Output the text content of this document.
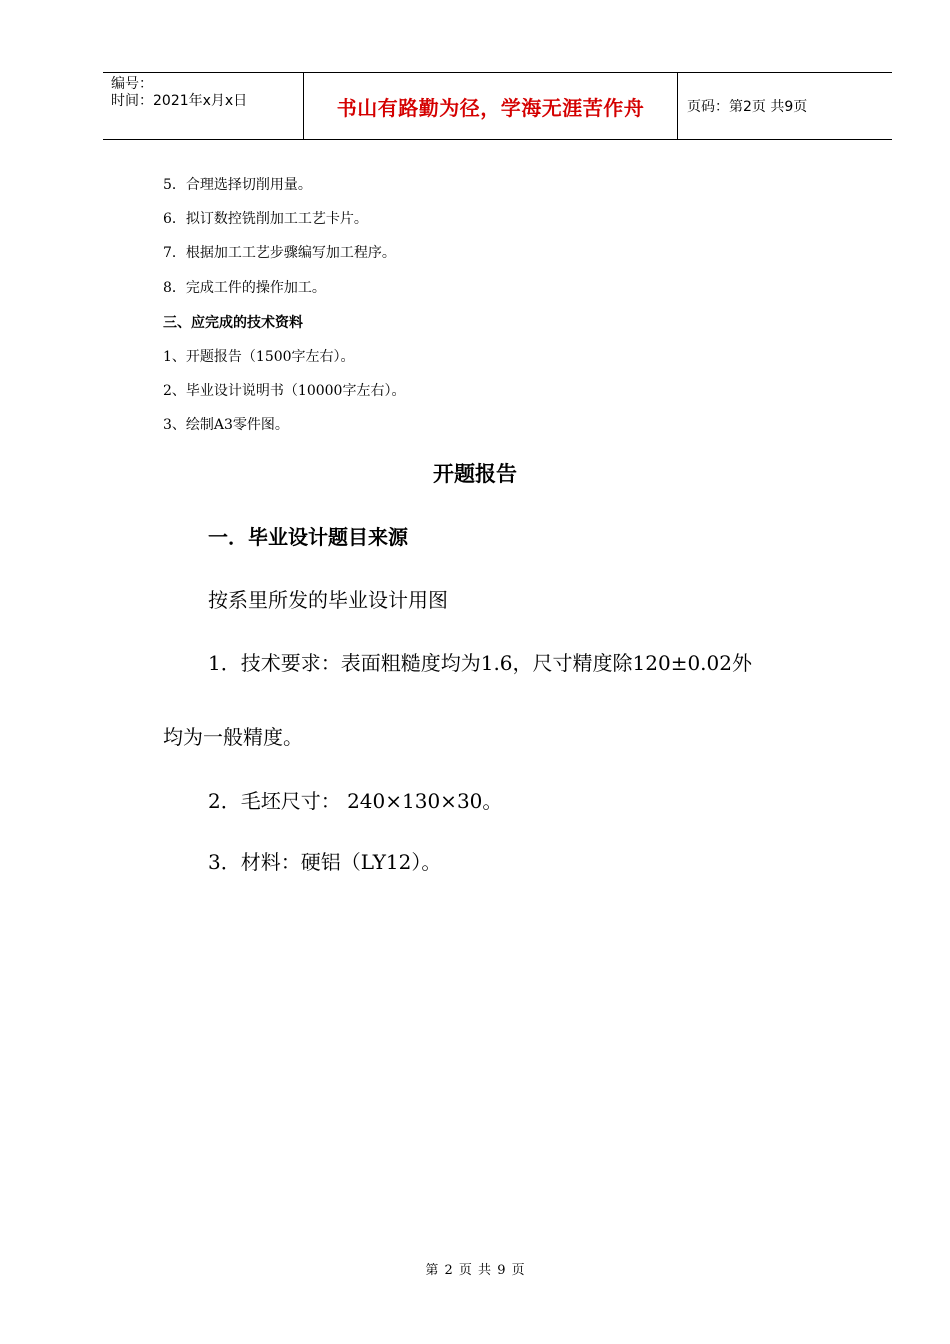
编号：
时间：2021年x月x日	书山有路勤为径，学海无涯苦作舟	页码：第2页 共9页
5．合理选择切削用量。
6．拟订数控铣削加工工艺卡片。
7．根据加工工艺步骤编写加工程序。
8．完成工件的操作加工。
三、应完成的技术资料
1、开题报告（1500字左右）。
2、毕业设计说明书（10000字左右）。
3、绘制A3零件图。
开题报告
一．毕业设计题目来源
按系里所发的毕业设计用图
1．技术要求：表面粗糙度均为1.6，尺寸精度除120±0.02外
均为一般精度。
2．毛坯尺寸： 240×130×30。
3．材料：硬铝（LY12）。
第 2 页 共 9 页
